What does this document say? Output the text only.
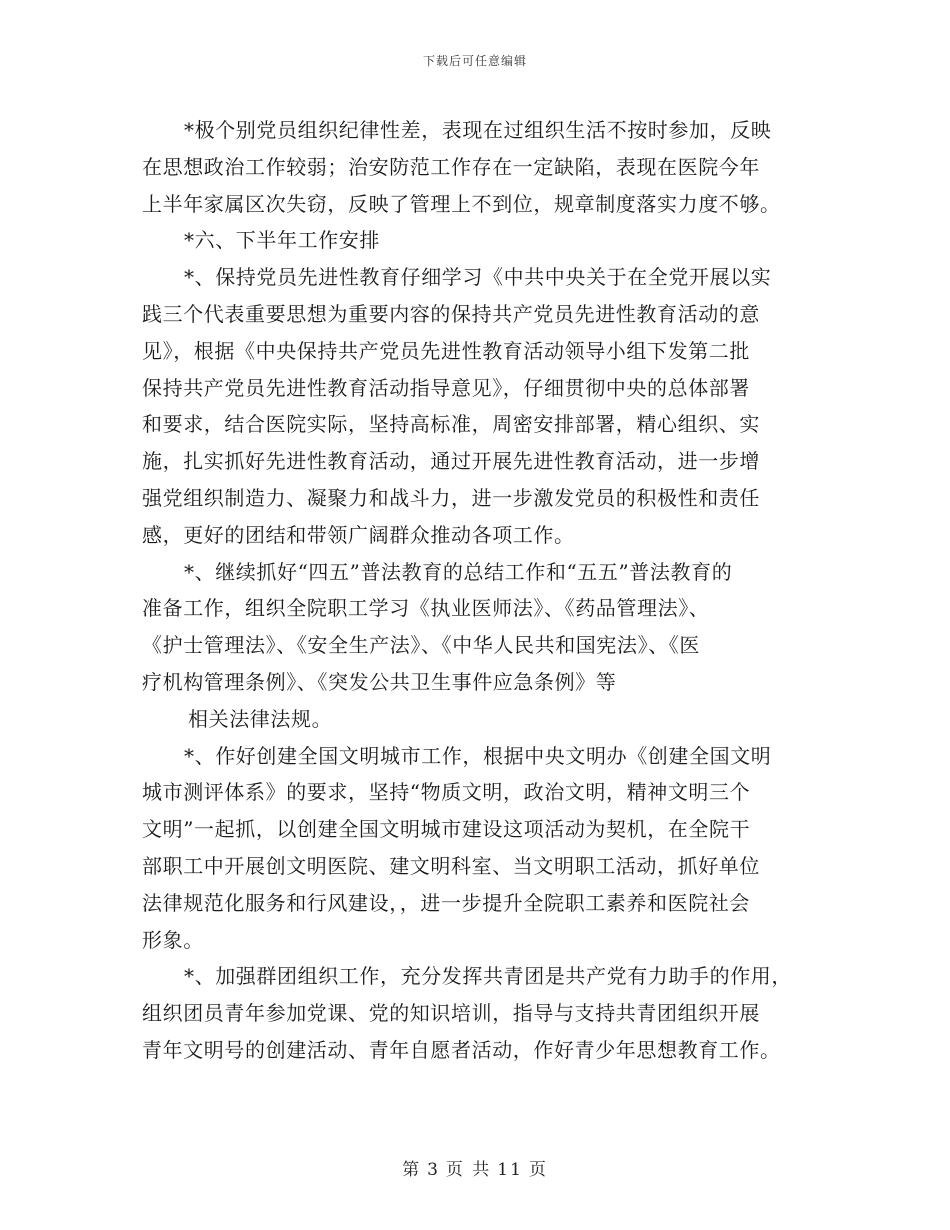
下载后可任意编辑
*极个别党员组织纪律性差，表现在过组织生活不按时参加，反映
在思想政治工作较弱；治安防范工作存在一定缺陷，表现在医院今年
上半年家属区次失窃，反映了管理上不到位，规章制度落实力度不够。
*六、下半年工作安排
*、保持党员先进性教育仔细学习《中共中央关于在全党开展以实
践三个代表重要思想为重要内容的保持共产党员先进性教育活动的意
见》，根据《中央保持共产党员先进性教育活动领导小组下发第二批
保持共产党员先进性教育活动指导意见》，仔细贯彻中央的总体部署
和要求，结合医院实际，坚持高标准，周密安排部署，精心组织、实
施，扎实抓好先进性教育活动，通过开展先进性教育活动，进一步增
强党组织制造力、凝聚力和战斗力，进一步激发党员的积极性和责任
感，更好的团结和带领广阔群众推动各项工作。
*、继续抓好“四五”普法教育的总结工作和“五五”普法教育的
准备工作，组织全院职工学习《执业医师法》、《药品管理法》、
《护士管理法》、《安全生产法》、《中华人民共和国宪法》、《医
疗机构管理条例》、《突发公共卫生事件应急条例》等
相关法律法规。
*、作好创建全国文明城市工作，根据中央文明办《创建全国文明
城市测评体系》的要求，坚持“物质文明，政治文明，精神文明三个
文明”一起抓，以创建全国文明城市建设这项活动为契机，在全院干
部职工中开展创文明医院、建文明科室、当文明职工活动，抓好单位
法律规范化服务和行风建设，，进一步提升全院职工素养和医院社会
形象。
*、加强群团组织工作，充分发挥共青团是共产党有力助手的作用，
组织团员青年参加党课、党的知识培训，指导与支持共青团组织开展
青年文明号的创建活动、青年自愿者活动，作好青少年思想教育工作。
第 3 页 共 11 页
